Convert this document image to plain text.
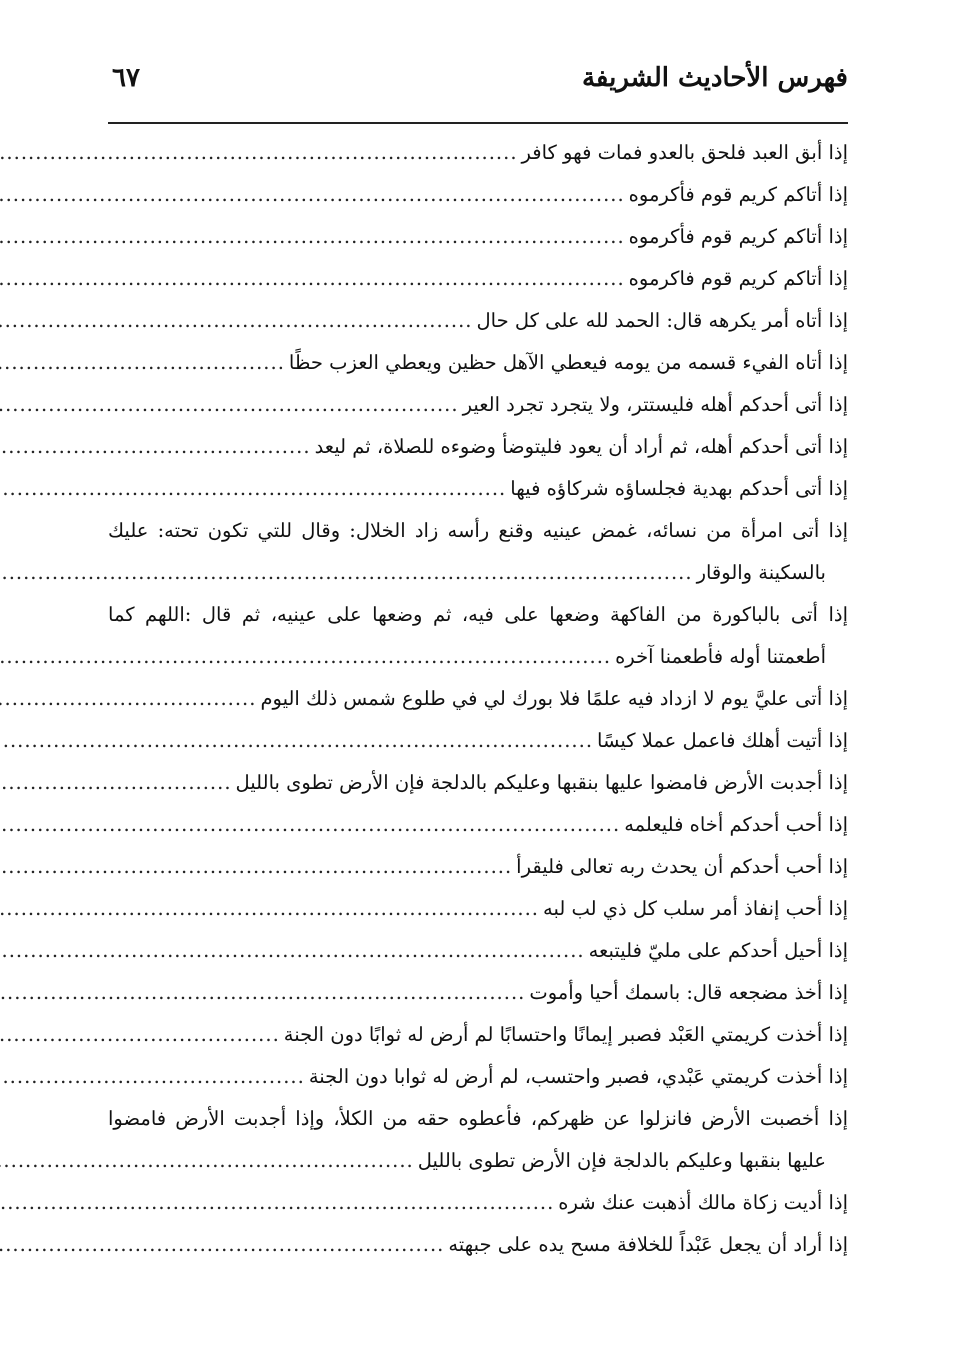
فهرس الأحاديث الشريفة
٦٧
إذا أبق العبد فلحق بالعدو فمات فهو كافر
.....
إذا أتاكم كريم قوم فأكرموه
.....
إذا أتاكم كريم قوم فأكرموه
.....
إذا أتاكم كريم قوم فاكرموه
.....
إذا أتاه أمر يكرهه قال: الحمد لله على كل حال
.....
إذا أتاه الفيء قسمه من يومه فيعطي الآهل حظين ويعطي العزب حظًا
.....
إذا أتى أحدكم أهله فليستتر، ولا يتجرد تجرد العير
.....
إذا أتى أحدكم أهله، ثم أراد أن يعود فليتوضأ وضوءه للصلاة، ثم ليعد
.....
إذا أتى أحدكم بهدية فجلساؤه شركاؤه فيها
.....
إذا أتى امرأة من نسائه، غمض عينيه وقنع رأسه زاد الخلال: وقال للتي تكون تحته: عليك
بالسكينة والوقار
.....
إذا أتى بالباكورة من الفاكهة وضعها على فيه، ثم وضعها على عينيه، ثم قال :اللهم كما
أطعمتنا أوله فأطعمنا آخره
.....
إذا أتى عليَّ يوم لا ازداد فيه علمًا فلا بورك لي في طلوع شمس ذلك اليوم
.....
إذا أتيت أهلك فاعمل عملا كيسًا
.....
إذا أجدبت الأرض فامضوا عليها بنقبها وعليكم بالدلجة فإن الأرض تطوى بالليل
.....
إذا أحب أحدكم أخاه فليعلمه
.....
إذا أحب أحدكم أن يحدث ربه تعالى فليقرأ
.....
إذا أحب إنفاذ أمر سلب كل ذي لب لبه
.....
إذا أحيل أحدكم على مليّ فليتبعه
.....
إذا أخذ مضجعه قال: باسمك أحيا وأموت
.....
إذا أخذت كريمتي العَبْد فصبر إيمانًا واحتسابًا لم أرض له ثوابًا دون الجنة
.....
إذا أخذت كريمتي عَبْدي، فصبر واحتسب، لم أرض له ثوابا دون الجنة
.....
إذا أخصبت الأرض فانزلوا عن ظهركم، فأعطوه حقه من الكلأ، وإذا أجدبت الأرض فامضوا
عليها بنقبها وعليكم بالدلجة فإن الأرض تطوى بالليل
.....
إذا أديت زكاة مالك أذهبت عنك شره
.....
إذا أراد أن يجعل عَبْداً للخلافة مسح يده على جبهته
.....
